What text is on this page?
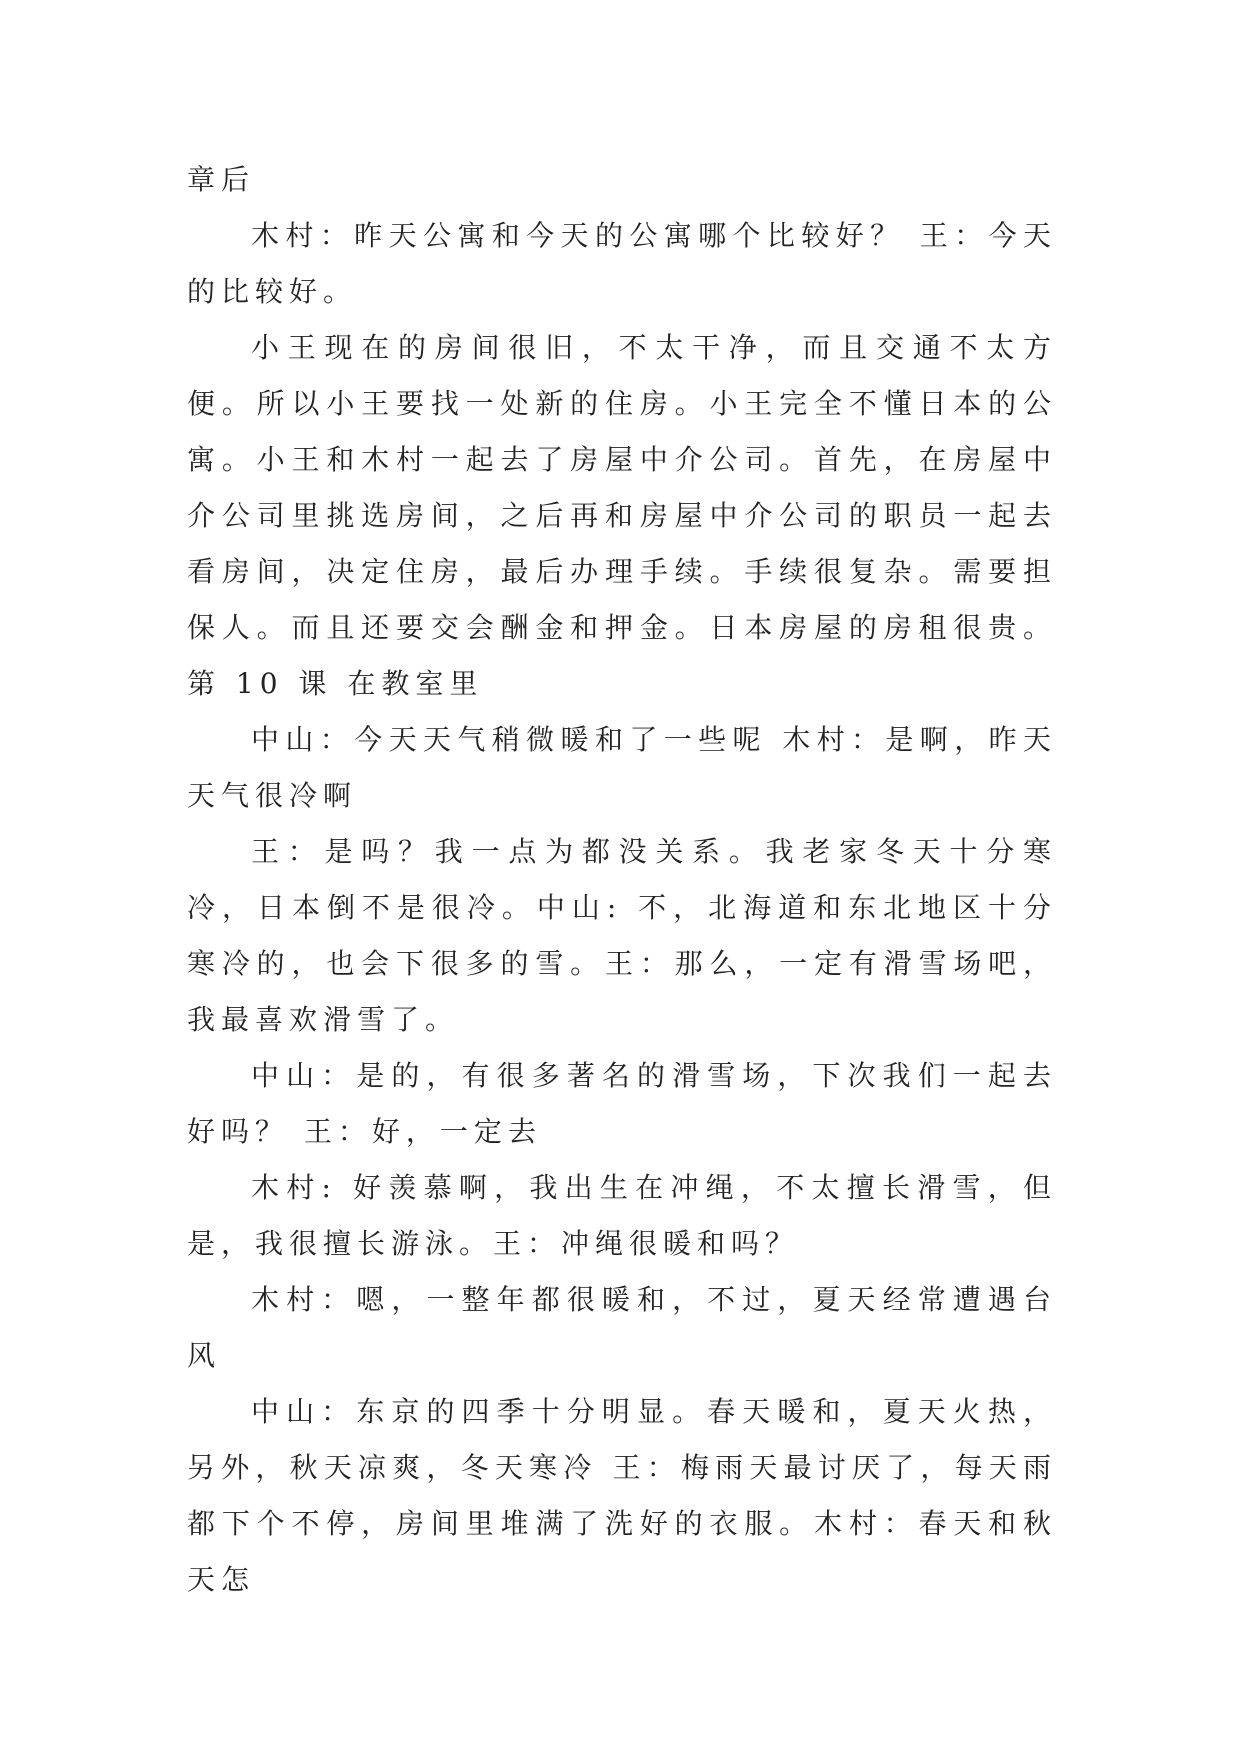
章后

木村：昨天公寓和今天的公寓哪个比较好？ 王：今天的比较好。

小王现在的房间很旧，不太干净，而且交通不太方便。所以小王要找一处新的住房。小王完全不懂日本的公寓。小王和木村一起去了房屋中介公司。首先，在房屋中介公司里挑选房间，之后再和房屋中介公司的职员一起去看房间，决定住房，最后办理手续。手续很复杂。需要担保人。而且还要交会酬金和押金。日本房屋的房租很贵。第 10 课 在教室里

中山：今天天气稍微暖和了一些呢 木村：是啊，昨天天气很冷啊

王：是吗？我一点为都没关系。我老家冬天十分寒冷，日本倒不是很冷。中山: 不，北海道和东北地区十分寒冷的，也会下很多的雪。王：那么，一定有滑雪场吧，我最喜欢滑雪了。

中山：是的，有很多著名的滑雪场，下次我们一起去好吗？ 王：好，一定去

木村: 好羡慕啊，我出生在冲绳，不太擅长滑雪，但是，我很擅长游泳。王：冲绳很暖和吗？

木村：嗯，一整年都很暖和，不过，夏天经常遭遇台风

中山：东京的四季十分明显。春天暖和，夏天火热，另外，秋天凉爽，冬天寒冷 王：梅雨天最讨厌了，每天雨都下个不停，房间里堆满了洗好的衣服。木村：春天和秋天怎
